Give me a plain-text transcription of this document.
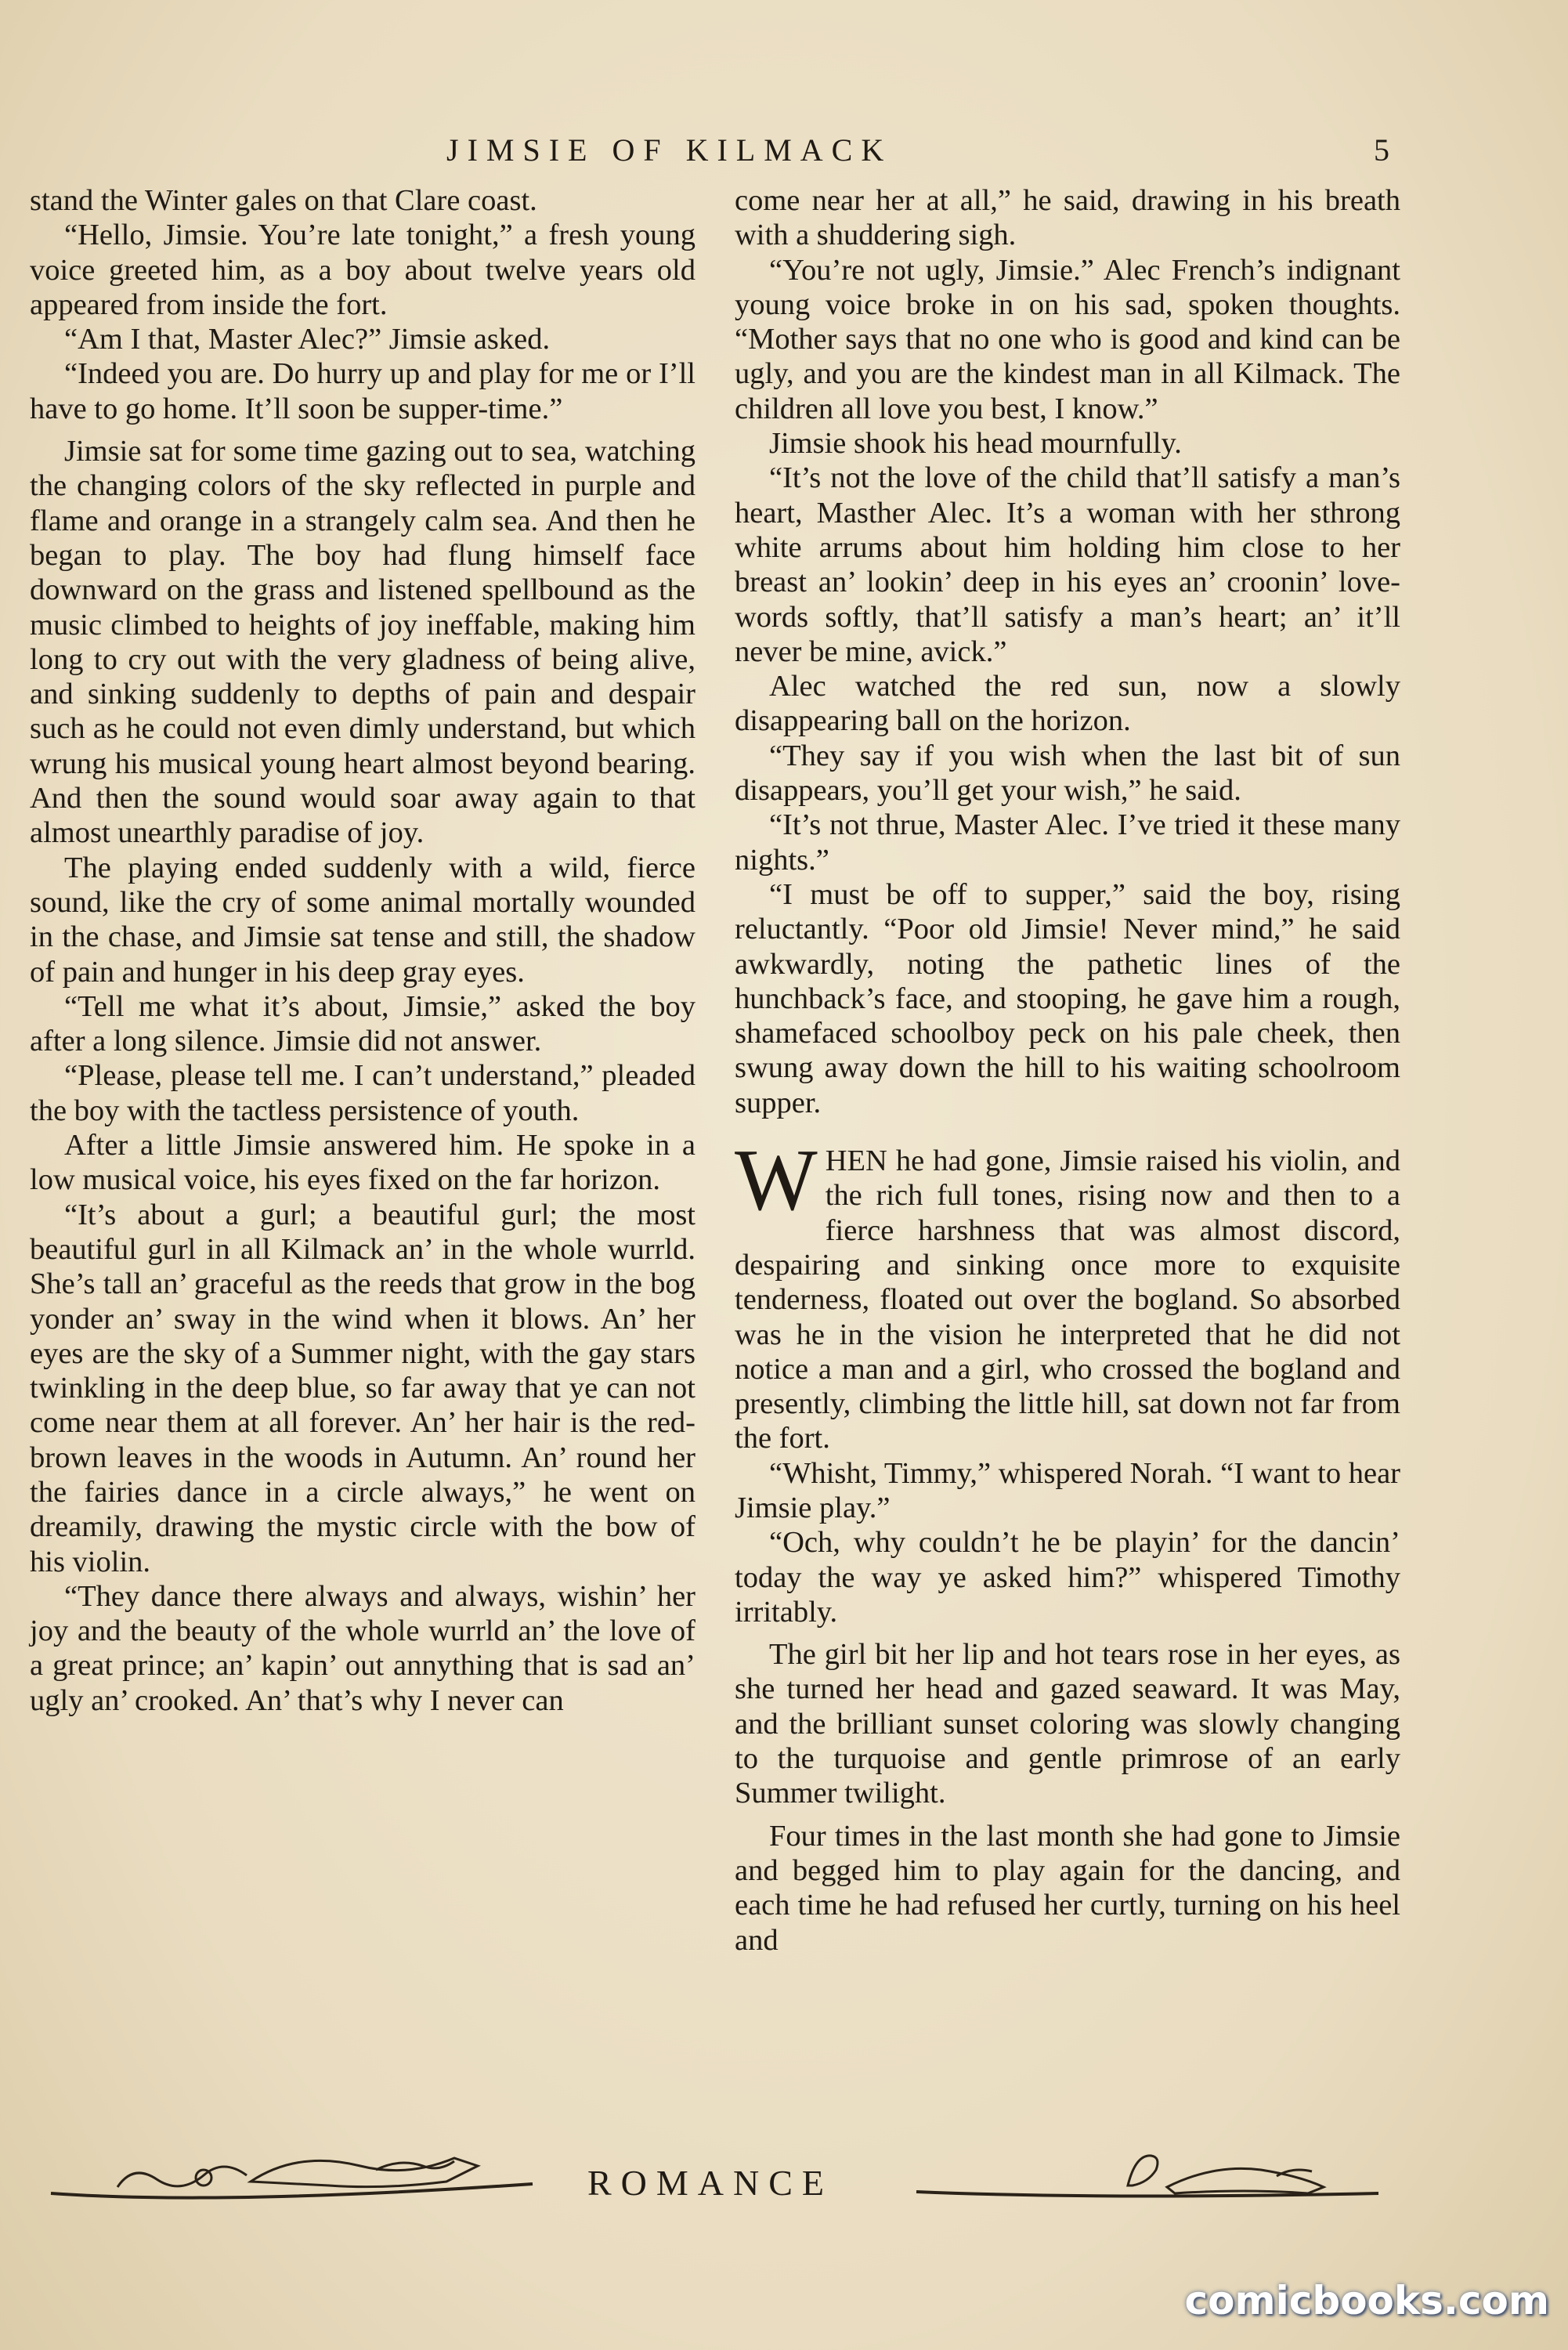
JIMSIE OF KILMACK	5

stand the Winter gales on that Clare coast.

“Hello, Jimsie. You’re late tonight,” a fresh young voice greeted him, as a boy about twelve years old appeared from inside the fort.

“Am I that, Master Alec?” Jimsie asked.

“Indeed you are. Do hurry up and play for me or I’ll have to go home. It’ll soon be supper-time.”

Jimsie sat for some time gazing out to sea, watching the changing colors of the sky reflected in purple and flame and orange in a strangely calm sea. And then he began to play. The boy had flung himself face downward on the grass and listened spellbound as the music climbed to heights of joy ineffable, making him long to cry out with the very gladness of being alive, and sinking suddenly to depths of pain and despair such as he could not even dimly understand, but which wrung his musical young heart almost beyond bearing. And then the sound would soar away again to that almost unearthly paradise of joy.

The playing ended suddenly with a wild, fierce sound, like the cry of some animal mortally wounded in the chase, and Jimsie sat tense and still, the shadow of pain and hunger in his deep gray eyes.

“Tell me what it’s about, Jimsie,” asked the boy after a long silence. Jimsie did not answer.

“Please, please tell me. I can’t understand,” pleaded the boy with the tactless persistence of youth.

After a little Jimsie answered him. He spoke in a low musical voice, his eyes fixed on the far horizon.

“It’s about a gurl; a beautiful gurl; the most beautiful gurl in all Kilmack an’ in the whole wurrld. She’s tall an’ graceful as the reeds that grow in the bog yonder an’ sway in the wind when it blows. An’ her eyes are the sky of a Summer night, with the gay stars twinkling in the deep blue, so far away that ye can not come near them at all forever. An’ her hair is the red-brown leaves in the woods in Autumn. An’ round her the fairies dance in a circle always,” he went on dreamily, drawing the mystic circle with the bow of his violin.

“They dance there always and always, wishin’ her joy and the beauty of the whole wurrld an’ the love of a great prince; an’ kapin’ out annything that is sad an’ ugly an’ crooked. An’ that’s why I never can

come near her at all,” he said, drawing in his breath with a shuddering sigh.

“You’re not ugly, Jimsie.” Alec French’s indignant young voice broke in on his sad, spoken thoughts. “Mother says that no one who is good and kind can be ugly, and you are the kindest man in all Kilmack. The children all love you best, I know.”

Jimsie shook his head mournfully.

“It’s not the love of the child that’ll satisfy a man’s heart, Masther Alec. It’s a woman with her sthrong white arrums about him holding him close to her breast an’ lookin’ deep in his eyes an’ croonin’ love-words softly, that’ll satisfy a man’s heart; an’ it’ll never be mine, avick.”

Alec watched the red sun, now a slowly disappearing ball on the horizon.

“They say if you wish when the last bit of sun disappears, you’ll get your wish,” he said.

“It’s not thrue, Master Alec. I’ve tried it these many nights.”

“I must be off to supper,” said the boy, rising reluctantly. “Poor old Jimsie! Never mind,” he said awkwardly, noting the pathetic lines of the hunchback’s face, and stooping, he gave him a rough, shamefaced schoolboy peck on his pale cheek, then swung away down the hill to his waiting schoolroom supper.

WHEN he had gone, Jimsie raised his violin, and the rich full tones, rising now and then to a fierce harshness that was almost discord, despairing and sinking once more to exquisite tenderness, floated out over the bogland. So absorbed was he in the vision he interpreted that he did not notice a man and a girl, who crossed the bogland and presently, climbing the little hill, sat down not far from the fort.

“Whisht, Timmy,” whispered Norah. “I want to hear Jimsie play.”

“Och, why couldn’t he be playin’ for the dancin’ today the way ye asked him?” whispered Timothy irritably.

The girl bit her lip and hot tears rose in her eyes, as she turned her head and gazed seaward. It was May, and the brilliant sunset coloring was slowly changing to the turquoise and gentle primrose of an early Summer twilight.

Four times in the last month she had gone to Jimsie and begged him to play again for the dancing, and each time he had refused her curtly, turning on his heel and

ROMANCE
comicbooks.com
